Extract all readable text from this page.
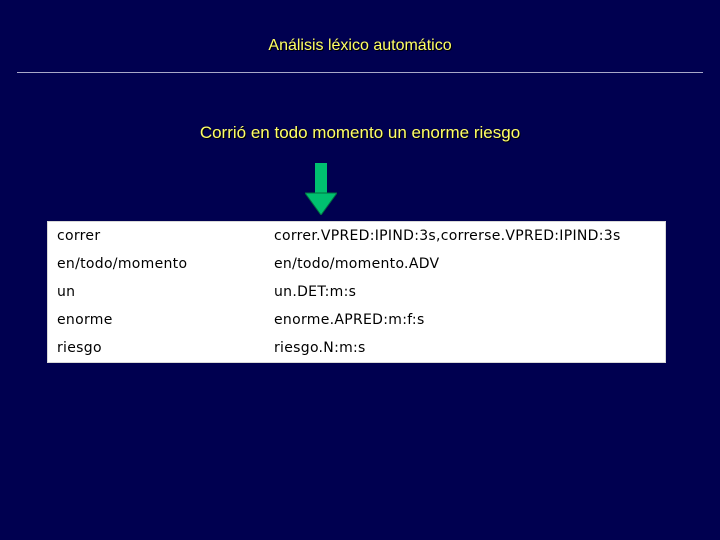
Análisis léxico automático
Corrió en todo momento un enorme riesgo
correr	correr.VPRED:IPIND:3s,correrse.VPRED:IPIND:3s
en/todo/momento	en/todo/momento.ADV
un	un.DET:m:s
enorme	enorme.APRED:m:f:s
riesgo	riesgo.N:m:s
